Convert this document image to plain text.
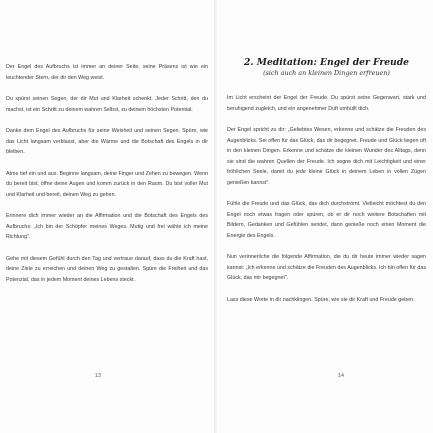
Der Engel des Aufbruchs ist immer an deiner Seite, seine Präsenz ist wie ein leuchtender Stern, der dir den Weg weist.

Du spürst seinen Segen, der dir Mut und Klarheit schenkt. Jeder Schritt, den du machst, ist ein Schritt zu deinem wahren Selbst, zu deinem höchsten Potential.

Danke dem Engel des Aufbruchs für seine Weisheit und seinen Segen. Spüre, wie das Licht langsam verblasst, aber die Wärme und die Botschaft des Engels in dir bleiben.

Atme tief ein und aus. Beginne langsam, deine Finger und Zehen zu bewegen. Wenn du bereit bist, öffne deine Augen und komm zurück in den Raum. Du bist voller Mut und Klarheit und bereit, deinen Weg zu gehen.

Erinnere dich immer wieder an die Affirmation und die Botschaft des Engels des Aufbruchs: „Ich bin der Schöpfer meines Weges. Mutig und frei wähle ich meine Richtung".

Gehe mit diesem Gefühl durch den Tag und vertraue darauf, dass du die Kraft hast, deine Ziele zu erreichen und deinen Weg zu gestalten. Spüre die Freiheit und das Potenzial, das in jedem Moment deines Lebens steckt.

13
2. Meditation: Engel der Freude
(sich auch an kleinen Dingen erfreuen)

Im Licht erscheint der Engel der Freude. Du spürst seine Gegenwart, stark und beruhigend zugleich, und ein angenehmer Duft umhüllt dich.

Der Engel spricht zu dir: „Geliebtes Wesen, erkenne und schätze die Freuden des Augenblicks. Sei offen für das Glück, das dir begegnet. Freude und Glück liegen oft in den kleinen Dingen. Erkenne und schätze die kleinen Wunder des Alltags, denn sie sind die wahren Quellen der Freude. Ich segne dich mit Leichtigkeit und einer fröhlichen Seele, damit du jede kleine Glück in deinem Leben in vollen Zügen genießen kannst".

Fühle die Freude und das Glück, das dich durchströmt. Vielleicht möchtest du den Engel noch etwas fragen oder spüren, ob er dir noch weitere Botschaften mit Bildern, Gedanken und Gefühlen sendet, dann genieße noch einen Moment die Energie des Engels.

Nun verinnerliche die folgende Affirmation, die du dir heute immer wieder sagen kannst: „Ich erkenne und schätze die Freuden des Augenblicks. Ich bin offen für das Glück, das mir begegnet".

Lass diese Worte in dir nachklingen. Spüre, wie sie dir Kraft und Freude geben.

14
